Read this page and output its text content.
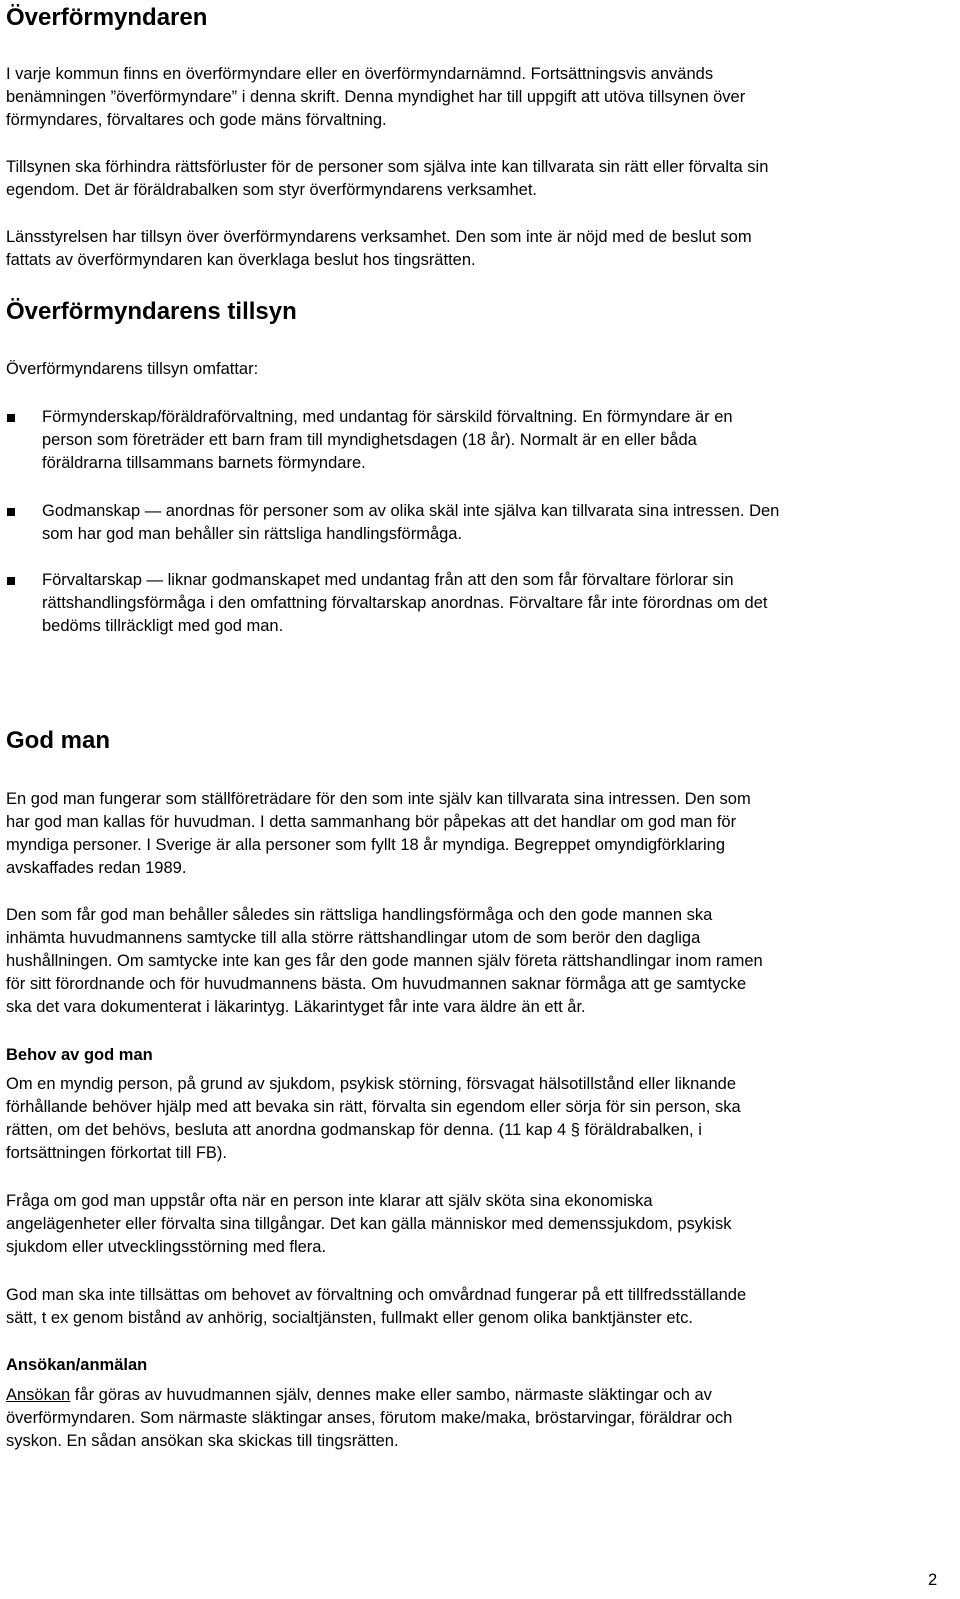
Överförmyndaren
I varje kommun finns en överförmyndare eller en överförmyndarnämnd. Fortsättningsvis används
benämningen ”överförmyndare” i denna skrift. Denna myndighet har till uppgift att utöva tillsynen över
förmyndares, förvaltares och gode mäns förvaltning.
Tillsynen ska förhindra rättsförluster för de personer som själva inte kan tillvarata sin rätt eller förvalta sin
egendom. Det är föräldrabalken som styr överförmyndarens verksamhet.
Länsstyrelsen har tillsyn över överförmyndarens verksamhet. Den som inte är nöjd med de beslut som
fattats av överförmyndaren kan överklaga beslut hos tingsrätten.
Överförmyndarens tillsyn
Överförmyndarens tillsyn omfattar:
Förmynderskap/föräldraförvaltning, med undantag för särskild förvaltning. En förmyndare är en
person som företräder ett barn fram till myndighetsdagen (18 år). Normalt är en eller båda
föräldrarna tillsammans barnets förmyndare.
Godmanskap — anordnas för personer som av olika skäl inte själva kan tillvarata sina intressen. Den
som har god man behåller sin rättsliga handlingsförmåga.
Förvaltarskap — liknar godmanskapet med undantag från att den som får förvaltare förlorar sin
rättshandlingsförmåga i den omfattning förvaltarskap anordnas. Förvaltare får inte förordnas om det
bedöms tillräckligt med god man.
God man
En god man fungerar som ställföreträdare för den som inte själv kan tillvarata sina intressen. Den som
har god man kallas för huvudman. I detta sammanhang bör påpekas att det handlar om god man för
myndiga personer. I Sverige är alla personer som fyllt 18 år myndiga. Begreppet omyndigförklaring
avskaffades redan 1989.
Den som får god man behåller således sin rättsliga handlingsförmåga och den gode mannen ska
inhämta huvudmannens samtycke till alla större rättshandlingar utom de som berör den dagliga
hushållningen. Om samtycke inte kan ges får den gode mannen själv företa rättshandlingar inom ramen
för sitt förordnande och för huvudmannens bästa. Om huvudmannen saknar förmåga att ge samtycke
ska det vara dokumenterat i läkarintyg. Läkarintyget får inte vara äldre än ett år.
Behov av god man
Om en myndig person, på grund av sjukdom, psykisk störning, försvagat hälsotillstånd eller liknande
förhållande behöver hjälp med att bevaka sin rätt, förvalta sin egendom eller sörja för sin person, ska
rätten, om det behövs, besluta att anordna godmanskap för denna. (11 kap 4 § föräldrabalken, i
fortsättningen förkortat till FB).
Fråga om god man uppstår ofta när en person inte klarar att själv sköta sina ekonomiska
angelägenheter eller förvalta sina tillgångar. Det kan gälla människor med demenssjukdom, psykisk
sjukdom eller utvecklingsstörning med flera.
God man ska inte tillsättas om behovet av förvaltning och omvårdnad fungerar på ett tillfredsställande
sätt, t ex genom bistånd av anhörig, socialtjänsten, fullmakt eller genom olika banktjänster etc.
Ansökan/anmälan
Ansökan får göras av huvudmannen själv, dennes make eller sambo, närmaste släktingar och av
överförmyndaren. Som närmaste släktingar anses, förutom make/maka, bröstarvingar, föräldrar och
syskon. En sådan ansökan ska skickas till tingsrätten.
2
